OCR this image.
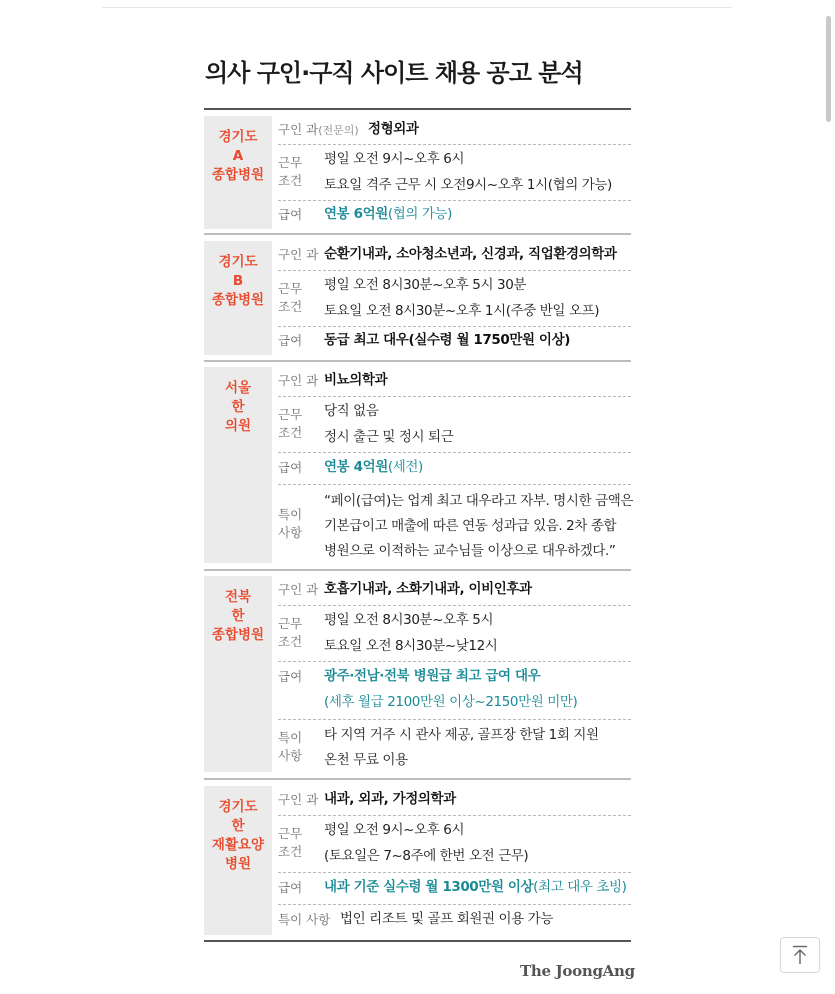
의사 구인·구직 사이트 채용 공고 분석
경기도
A
종합병원
구인 과(전문의) 정형외과
근무
조건
평일 오전 9시~오후 6시
토요일 격주 근무 시 오전9시~오후 1시(협의 가능)
급여 연봉 6억원(협의 가능)
경기도
B
종합병원
구인 과 순환기내과, 소아청소년과, 신경과, 직업환경의학과
근무
조건
평일 오전 8시30분~오후 5시 30분
토요일 오전 8시30분~오후 1시(주중 반일 오프)
급여 동급 최고 대우(실수령 월 1750만원 이상)
서울
한
의원
구인 과 비뇨의학과
근무
조건
당직 없음
정시 출근 및 정시 퇴근
급여 연봉 4억원(세전)
특이
사항
“페이(급여)는 업계 최고 대우라고 자부. 명시한 금액은
기본급이고 매출에 따른 연동 성과급 있음. 2차 종합
병원으로 이적하는 교수님들 이상으로 대우하겠다.”
전북
한
종합병원
구인 과 호흡기내과, 소화기내과, 이비인후과
근무
조건
평일 오전 8시30분~오후 5시
토요일 오전 8시30분~낮12시
급여 광주·전남·전북 병원급 최고 급여 대우
(세후 월급 2100만원 이상~2150만원 미만)
특이
사항
타 지역 거주 시 관사 제공, 골프장 한달 1회 지원
온천 무료 이용
경기도
한
재활요양
병원
구인 과 내과, 외과, 가정의학과
근무
조건
평일 오전 9시~오후 6시
(토요일은 7~8주에 한번 오전 근무)
급여 내과 기준 실수령 월 1300만원 이상(최고 대우 초빙)
특이 사항 법인 리조트 및 골프 회원권 이용 가능
The JoongAng
